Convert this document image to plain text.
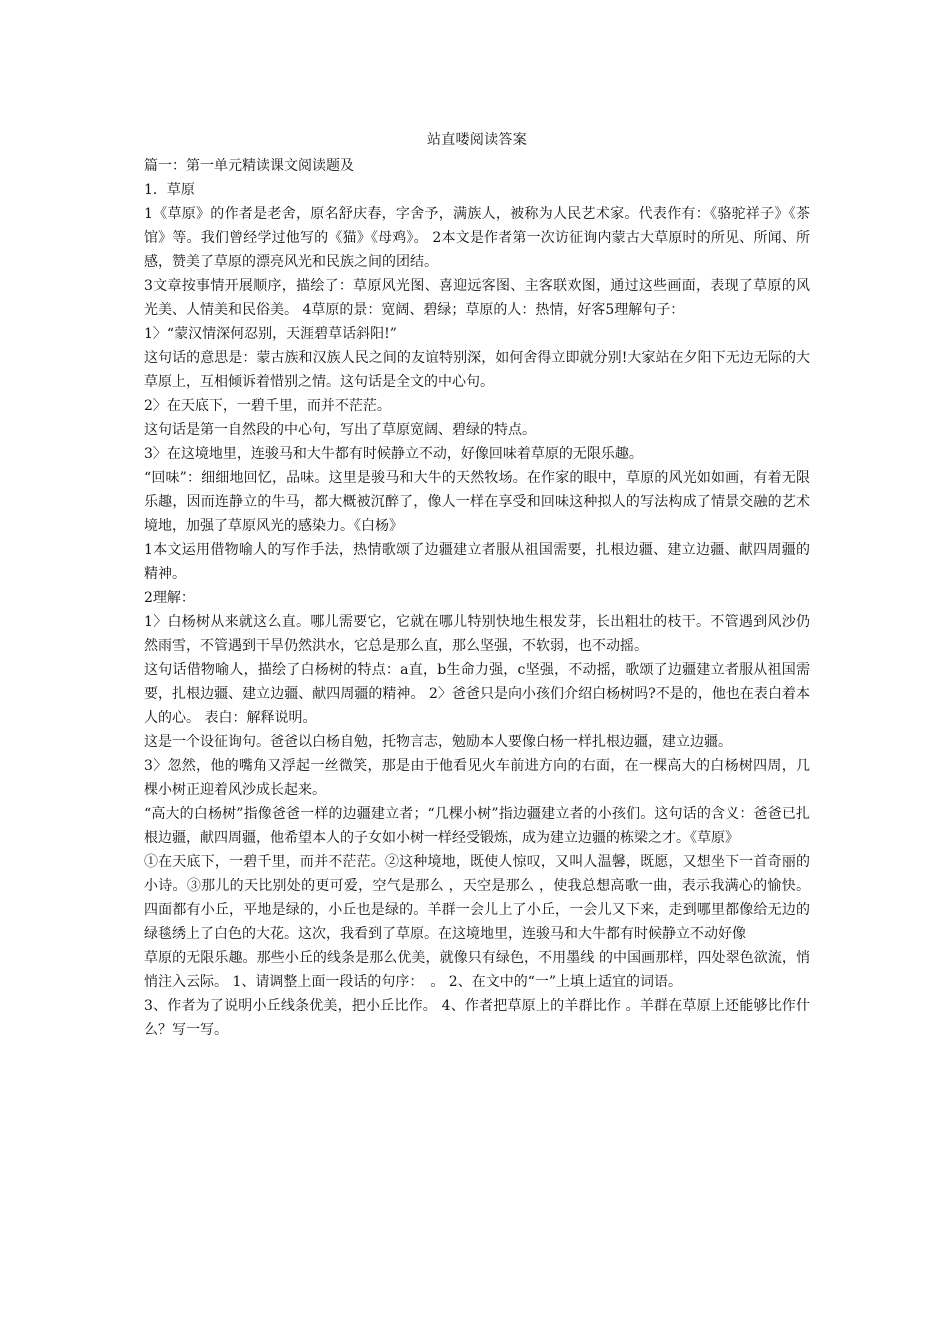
站直喽阅读答案

篇一：第一单元精读课文阅读题及

1．草原

1《草原》的作者是老舍，原名舒庆春，字舍予，满族人，被称为人民艺术家。代表作有：《骆驼祥子》《茶馆》等。我们曾经学过他写的《猫》《母鸡》。 2本文是作者第一次访征询内蒙古大草原时的所见、所闻、所感，赞美了草原的漂亮风光和民族之间的团结。

3文章按事情开展顺序，描绘了：草原风光图、喜迎远客图、主客联欢图，通过这些画面，表现了草原的风光美、人情美和民俗美。 4草原的景：宽阔、碧绿；草原的人：热情，好客5理解句子：

1〉“蒙汉情深何忍别，天涯碧草话斜阳!”

这句话的意思是：蒙古族和汉族人民之间的友谊特别深，如何舍得立即就分别!大家站在夕阳下无边无际的大草原上，互相倾诉着惜别之情。这句话是全文的中心句。

2〉在天底下，一碧千里，而并不茫茫。

这句话是第一自然段的中心句，写出了草原宽阔、碧绿的特点。

3〉在这境地里，连骏马和大牛都有时候静立不动，好像回味着草原的无限乐趣。

“回味”：细细地回忆，品味。这里是骏马和大牛的天然牧场。在作家的眼中，草原的风光如如画，有着无限乐趣，因而连静立的牛马，都大概被沉醉了，像人一样在享受和回味这种拟人的写法构成了情景交融的艺术境地，加强了草原风光的感染力。《白杨》

1本文运用借物喻人的写作手法，热情歌颂了边疆建立者服从祖国需要，扎根边疆、建立边疆、献四周疆的精神。

2理解：

1〉白杨树从来就这么直。哪儿需要它，它就在哪儿特别快地生根发芽，长出粗壮的枝干。不管遇到风沙仍然雨雪，不管遇到干旱仍然洪水，它总是那么直，那么坚强，不软弱，也不动摇。

这句话借物喻人，描绘了白杨树的特点：a直，b生命力强，c坚强，不动摇，歌颂了边疆建立者服从祖国需要，扎根边疆、建立边疆、献四周疆的精神。 2〉爸爸只是向小孩们介绍白杨树吗?不是的，他也在表白着本人的心。 表白：解释说明。

这是一个设征询句。爸爸以白杨自勉，托物言志，勉励本人要像白杨一样扎根边疆，建立边疆。

3〉忽然，他的嘴角又浮起一丝微笑，那是由于他看见火车前进方向的右面，在一棵高大的白杨树四周，几棵小树正迎着风沙成长起来。

“高大的白杨树”指像爸爸一样的边疆建立者；“几棵小树”指边疆建立者的小孩们。这句话的含义：爸爸已扎根边疆，献四周疆，他希望本人的子女如小树一样经受锻炼，成为建立边疆的栋梁之才。《草原》

①在天底下，一碧千里，而并不茫茫。②这种境地，既使人惊叹，又叫人温馨，既愿，又想坐下一首奇丽的小诗。③那儿的天比别处的更可爱，空气是那么 ，天空是那么 ，使我总想高歌一曲，表示我满心的愉快。四面都有小丘，平地是绿的，小丘也是绿的。羊群一会儿上了小丘，一会儿又下来，走到哪里都像给无边的绿毯绣上了白色的大花。这次，我看到了草原。在这境地里，连骏马和大牛都有时候静立不动好像

草原的无限乐趣。那些小丘的线条是那么优美，就像只有绿色，不用墨线 的中国画那样，四处翠色欲流，悄悄注入云际。 1、请调整上面一段话的句序：　。 2、在文中的“一”上填上适宜的词语。

3、作者为了说明小丘线条优美，把小丘比作。 4、作者把草原上的羊群比作 。羊群在草原上还能够比作什么？写一写。
